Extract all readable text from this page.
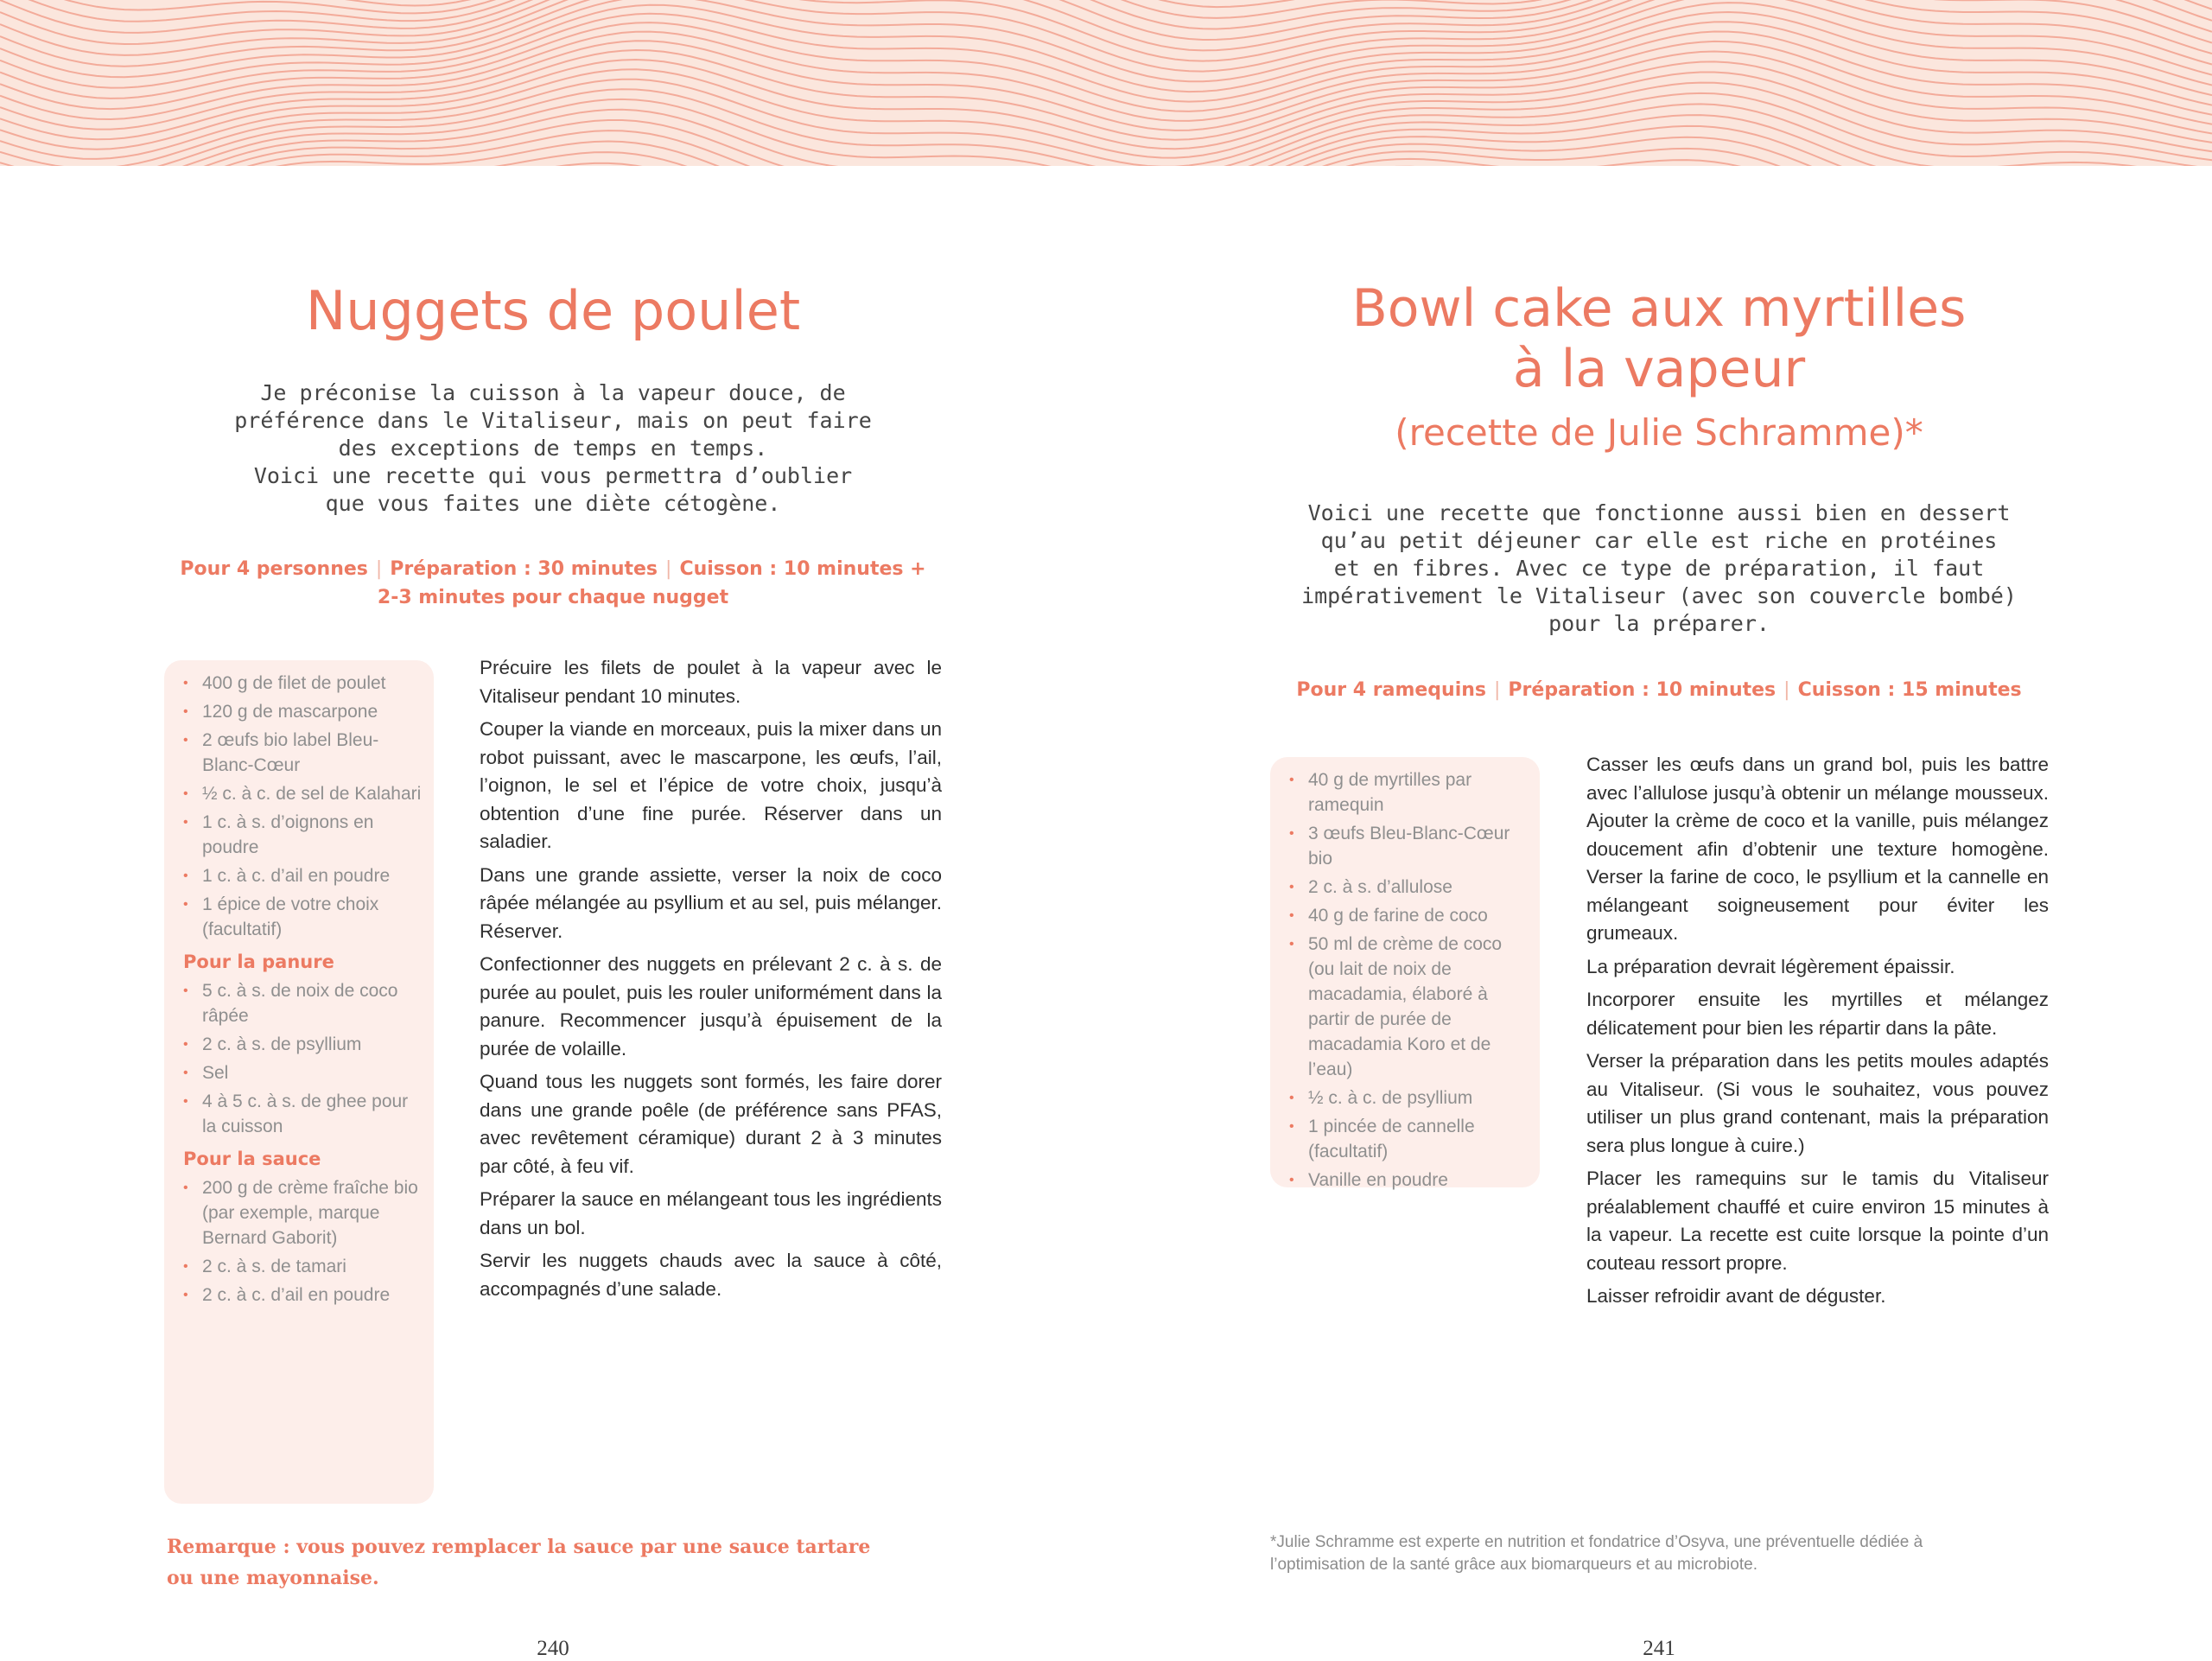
Nuggets de poulet
Je préconise la cuisson à la vapeur douce, de
préférence dans le Vitaliseur, mais on peut faire
des exceptions de temps en temps.
Voici une recette qui vous permettra d’oublier
que vous faites une diète cétogène.
Pour 4 personnes | Préparation : 30 minutes | Cuisson : 10 minutes +
2-3 minutes pour chaque nugget
• 400 g de filet de poulet
• 120 g de mascarpone
• 2 œufs bio label Bleu-Blanc-Cœur
• ½ c. à c. de sel de Kalahari
• 1 c. à s. d’oignons en poudre
• 1 c. à c. d’ail en poudre
• 1 épice de votre choix (facultatif)
Pour la panure
• 5 c. à s. de noix de coco râpée
• 2 c. à s. de psyllium
• Sel
• 4 à 5 c. à s. de ghee pour la cuisson
Pour la sauce
• 200 g de crème fraîche bio (par exemple, marque Bernard Gaborit)
• 2 c. à s. de tamari
• 2 c. à c. d’ail en poudre

Précuire les filets de poulet à la vapeur avec le Vitaliseur pendant 10 minutes.

Couper la viande en morceaux, puis la mixer dans un robot puissant, avec le mascarpone, les œufs, l’ail, l’oignon, le sel et l’épice de votre choix, jusqu’à obtention d’une fine purée. Réserver dans un saladier.

Dans une grande assiette, verser la noix de coco râpée mélangée au psyllium et au sel, puis mélanger. Réserver.

Confectionner des nuggets en prélevant 2 c. à s. de purée au poulet, puis les rouler uniformément dans la panure. Recommencer jusqu’à épuisement de la purée de volaille.

Quand tous les nuggets sont formés, les faire dorer dans une grande poêle (de préférence sans PFAS, avec revêtement céramique) durant 2 à 3 minutes par côté, à feu vif.

Préparer la sauce en mélangeant tous les ingrédients dans un bol.

Servir les nuggets chauds avec la sauce à côté, accompagnés d’une salade.

Remarque : vous pouvez remplacer la sauce par une sauce tartare
ou une mayonnaise.
240
Bowl cake aux myrtilles
à la vapeur
(recette de Julie Schramme)*
Voici une recette que fonctionne aussi bien en dessert
qu’au petit déjeuner car elle est riche en protéines
et en fibres. Avec ce type de préparation, il faut
impérativement le Vitaliseur (avec son couvercle bombé)
pour la préparer.
Pour 4 ramequins | Préparation : 10 minutes | Cuisson : 15 minutes
• 40 g de myrtilles par ramequin
• 3 œufs Bleu-Blanc-Cœur bio
• 2 c. à s. d’allulose
• 40 g de farine de coco
• 50 ml de crème de coco (ou lait de noix de macadamia, élaboré à partir de purée de macadamia Koro et de l’eau)
• ½ c. à c. de psyllium
• 1 pincée de cannelle (facultatif)
• Vanille en poudre

Casser les œufs dans un grand bol, puis les battre avec l’allulose jusqu’à obtenir un mélange mousseux. Ajouter la crème de coco et la vanille, puis mélangez doucement afin d’obtenir une texture homogène. Verser la farine de coco, le psyllium et la cannelle en mélangeant soigneusement pour éviter les grumeaux.

La préparation devrait légèrement épaissir.

Incorporer ensuite les myrtilles et mélangez délicatement pour bien les répartir dans la pâte.

Verser la préparation dans les petits moules adaptés au Vitaliseur. (Si vous le souhaitez, vous pouvez utiliser un plus grand contenant, mais la préparation sera plus longue à cuire.)

Placer les ramequins sur le tamis du Vitaliseur préalablement chauffé et cuire environ 15 minutes à la vapeur. La recette est cuite lorsque la pointe d’un couteau ressort propre.

Laisser refroidir avant de déguster.

*Julie Schramme est experte en nutrition et fondatrice d’Osyva, une préventuelle dédiée à
l’optimisation de la santé grâce aux biomarqueurs et au microbiote.
241
